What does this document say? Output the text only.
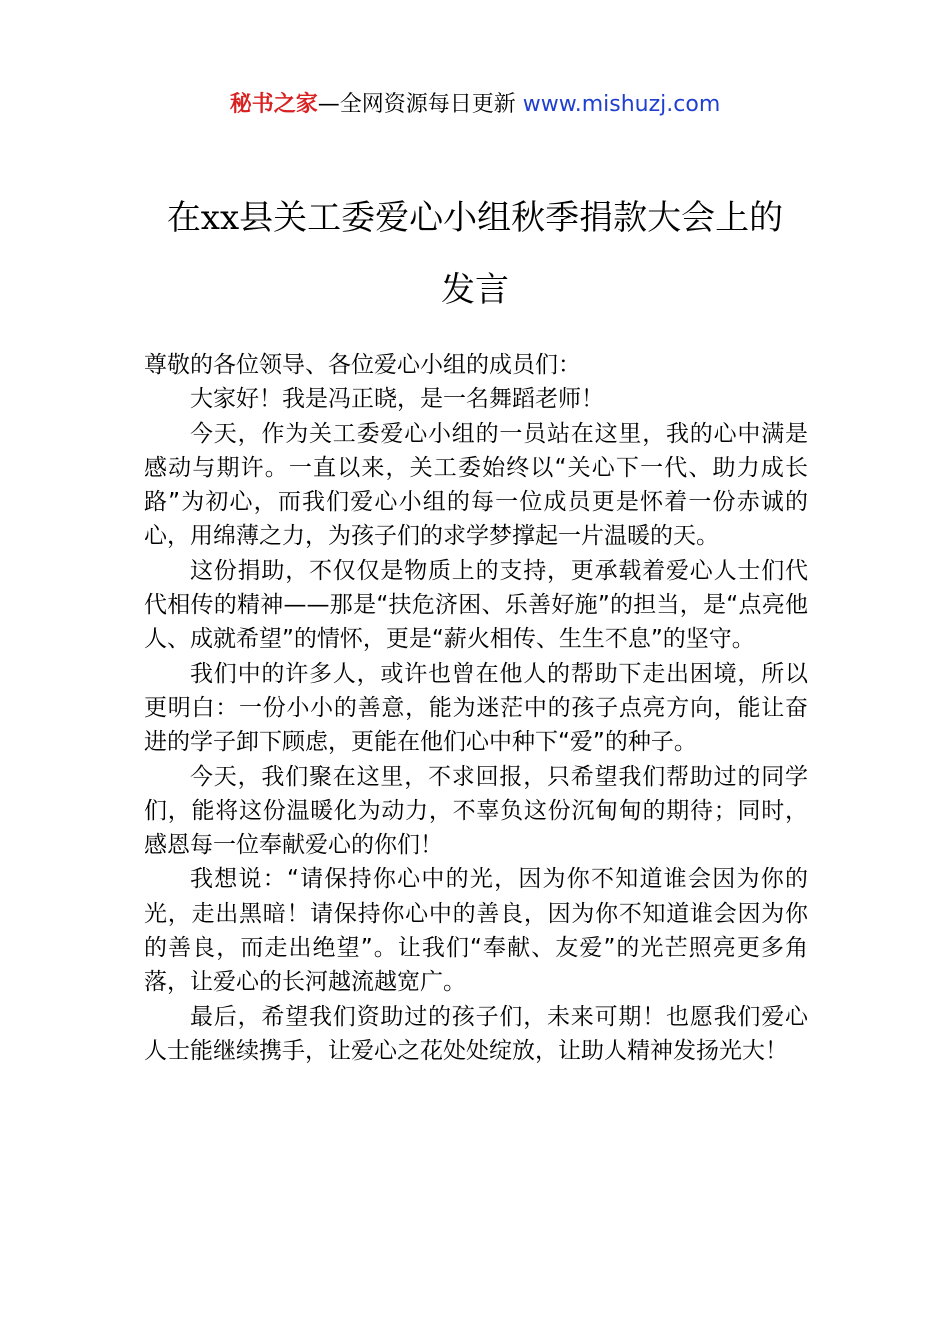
秘书之家—全网资源每日更新 www.mishuzj.com
在xx县关工委爱心小组秋季捐款大会上的
发言

尊敬的各位领导、各位爱心小组的成员们：

大家好！我是冯正晓，是一名舞蹈老师！

今天，作为关工委爱心小组的一员站在这里，我的心中满是感动与期许。一直以来，关工委始终以“关心下一代、助力成长路”为初心，而我们爱心小组的每一位成员更是怀着一份赤诚的心，用绵薄之力，为孩子们的求学梦撑起一片温暖的天。

这份捐助，不仅仅是物质上的支持，更承载着爱心人士们代代相传的精神——那是“扶危济困、乐善好施”的担当，是“点亮他人、成就希望”的情怀，更是“薪火相传、生生不息”的坚守。

我们中的许多人，或许也曾在他人的帮助下走出困境，所以更明白：一份小小的善意，能为迷茫中的孩子点亮方向，能让奋进的学子卸下顾虑，更能在他们心中种下“爱”的种子。

今天，我们聚在这里，不求回报，只希望我们帮助过的同学们，能将这份温暖化为动力，不辜负这份沉甸甸的期待；同时，感恩每一位奉献爱心的你们！

我想说：“请保持你心中的光，因为你不知道谁会因为你的光，走出黑暗！请保持你心中的善良，因为你不知道谁会因为你的善良，而走出绝望”。让我们“奉献、友爱”的光芒照亮更多角落，让爱心的长河越流越宽广。

最后，希望我们资助过的孩子们，未来可期！也愿我们爱心人士能继续携手，让爱心之花处处绽放，让助人精神发扬光大！
